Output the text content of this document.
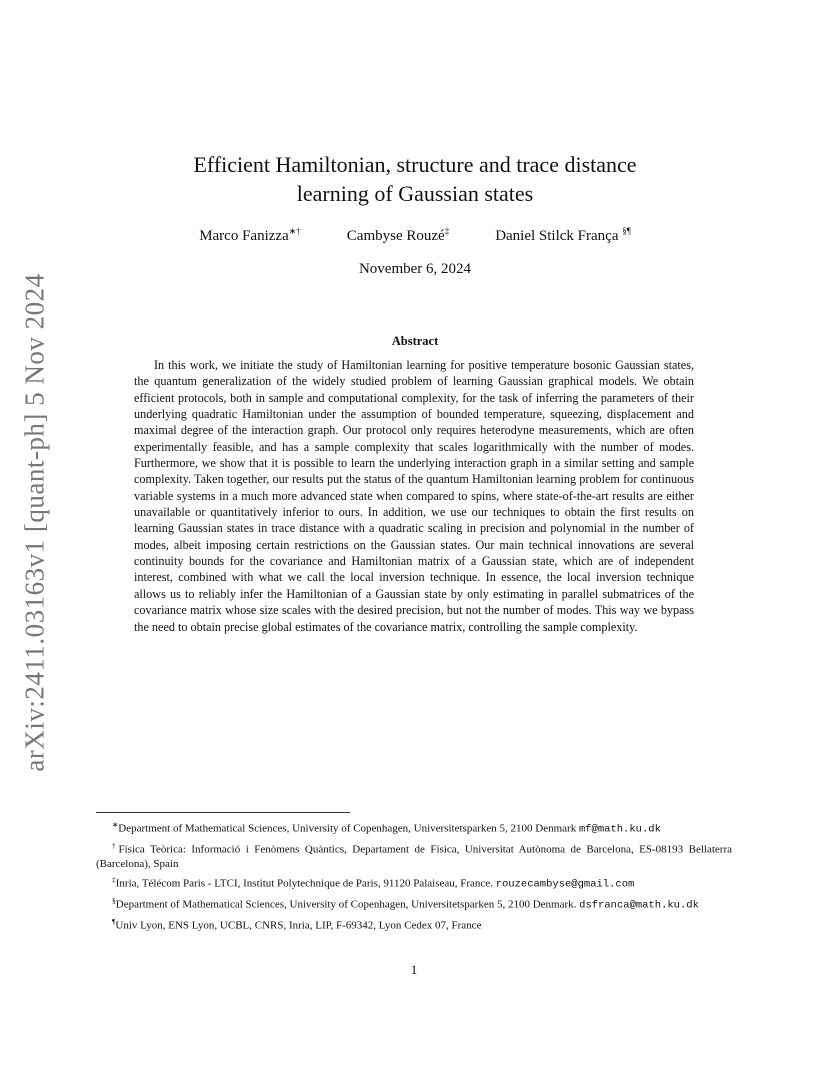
arXiv:2411.03163v1 [quant-ph] 5 Nov 2024
Efficient Hamiltonian, structure and trace distance
learning of Gaussian states
Marco Fanizza∗†	Cambyse Rouzé‡	Daniel Stilck França §¶
November 6, 2024
Abstract
In this work, we initiate the study of Hamiltonian learning for positive temperature bosonic Gaussian states, the quantum generalization of the widely studied problem of learning Gaussian graphical models. We obtain efficient protocols, both in sample and computational complexity, for the task of inferring the parameters of their underlying quadratic Hamiltonian under the assumption of bounded temperature, squeezing, displacement and maximal degree of the interaction graph. Our protocol only requires heterodyne measurements, which are often experimentally feasible, and has a sample complexity that scales logarithmically with the number of modes. Furthermore, we show that it is possible to learn the underlying interaction graph in a similar setting and sample complexity. Taken together, our results put the status of the quantum Hamiltonian learning problem for continuous variable systems in a much more advanced state when compared to spins, where state-of-the-art results are either unavailable or quantitatively inferior to ours. In addition, we use our techniques to obtain the first results on learning Gaussian states in trace distance with a quadratic scaling in precision and polynomial in the number of modes, albeit imposing certain restrictions on the Gaussian states. Our main technical innovations are several continuity bounds for the covariance and Hamiltonian matrix of a Gaussian state, which are of independent interest, combined with what we call the local inversion technique. In essence, the local inversion technique allows us to reliably infer the Hamiltonian of a Gaussian state by only estimating in parallel submatrices of the covariance matrix whose size scales with the desired precision, but not the number of modes. This way we bypass the need to obtain precise global estimates of the covariance matrix, controlling the sample complexity.

∗Department of Mathematical Sciences, University of Copenhagen, Universitetsparken 5, 2100 Denmark mf@math.ku.dk

†Física Teòrica: Informació i Fenòmens Quàntics, Departament de Física, Universitat Autònoma de Barcelona, ES-08193 Bellaterra (Barcelona), Spain

‡Inria, Télécom Paris - LTCI, Institut Polytechnique de Paris, 91120 Palaiseau, France. rouzecambyse@gmail.com

§Department of Mathematical Sciences, University of Copenhagen, Universitetsparken 5, 2100 Denmark. dsfranca@math.ku.dk

¶Univ Lyon, ENS Lyon, UCBL, CNRS, Inria, LIP, F-69342, Lyon Cedex 07, France

1
